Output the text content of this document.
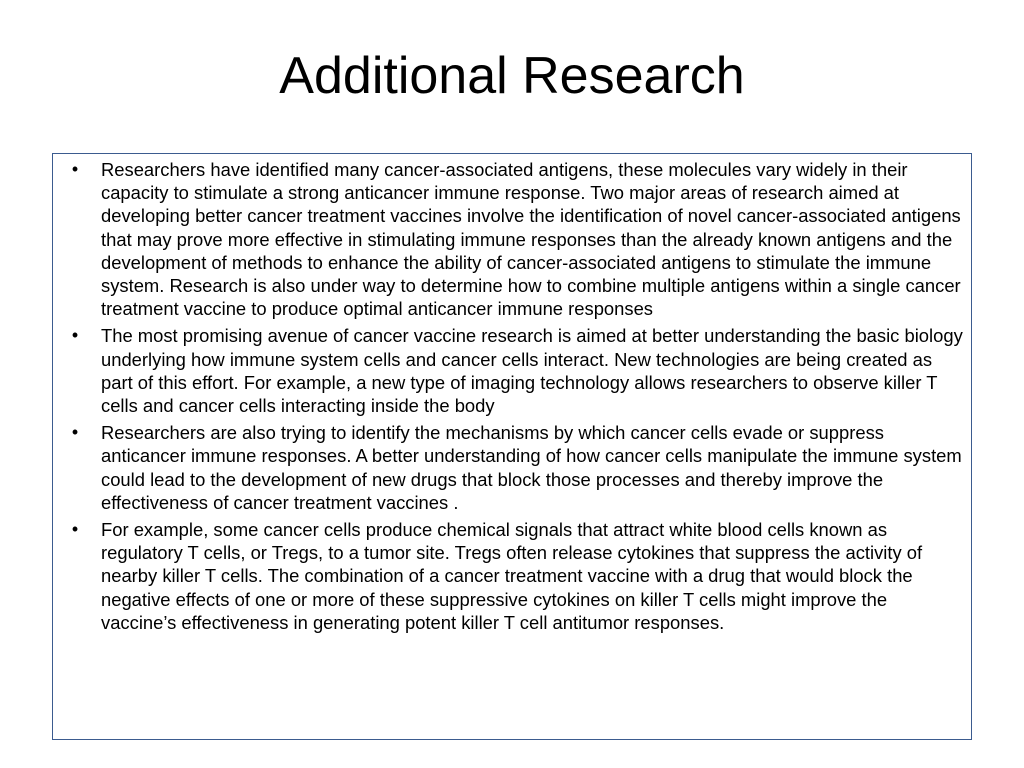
Additional Research
•	Researchers have identified many cancer-associated antigens, these molecules vary widely in their capacity to stimulate a strong anticancer immune response. Two major areas of research aimed at developing better cancer treatment vaccines involve the identification of novel cancer-associated antigens that may prove more effective in stimulating immune responses than the already known antigens and the development of methods to enhance the ability of cancer-associated antigens to stimulate the immune system. Research is also under way to determine how to combine multiple antigens within a single cancer treatment vaccine to produce optimal anticancer immune responses
•	The most promising avenue of cancer vaccine research is aimed at better understanding the basic biology underlying how immune system cells and cancer cells interact. New technologies are being created as part of this effort. For example, a new type of imaging technology allows researchers to observe killer T cells and cancer cells interacting inside the body
•	Researchers are also trying to identify the mechanisms by which cancer cells evade or suppress anticancer immune responses. A better understanding of how cancer cells manipulate the immune system could lead to the development of new drugs that block those processes and thereby improve the effectiveness of cancer treatment vaccines .
•	For example, some cancer cells produce chemical signals that attract white blood cells known as regulatory T cells, or Tregs, to a tumor site. Tregs often release cytokines that suppress the activity of nearby killer T cells. The combination of a cancer treatment vaccine with a drug that would block the negative effects of one or more of these suppressive cytokines on killer T cells might improve the vaccine’s effectiveness in generating potent killer T cell antitumor responses.
